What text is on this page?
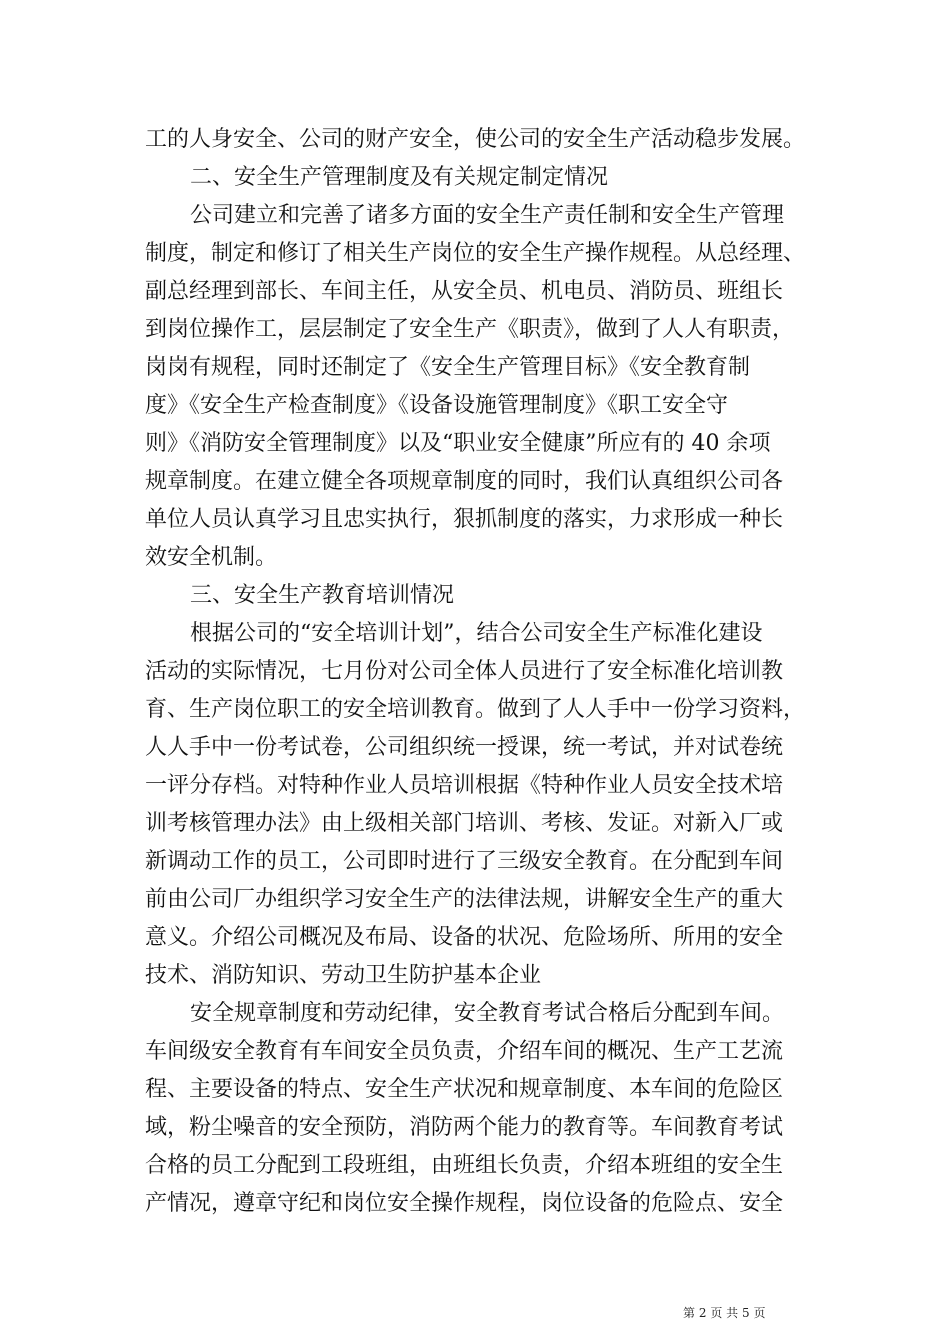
工的人身安全、公司的财产安全，使公司的安全生产活动稳步发展。
二、安全生产管理制度及有关规定制定情况
公司建立和完善了诸多方面的安全生产责任制和安全生产管理
制度，制定和修订了相关生产岗位的安全生产操作规程。从总经理、
副总经理到部长、车间主任，从安全员、机电员、消防员、班组长
到岗位操作工，层层制定了安全生产《职责》，做到了人人有职责，
岗岗有规程，同时还制定了《安全生产管理目标》《安全教育制
度》《安全生产检查制度》《设备设施管理制度》《职工安全守
则》《消防安全管理制度》以及“职业安全健康”所应有的 40 余项
规章制度。在建立健全各项规章制度的同时，我们认真组织公司各
单位人员认真学习且忠实执行，狠抓制度的落实，力求形成一种长
效安全机制。
三、安全生产教育培训情况
根据公司的“安全培训计划”，结合公司安全生产标准化建设
活动的实际情况，七月份对公司全体人员进行了安全标准化培训教
育、生产岗位职工的安全培训教育。做到了人人手中一份学习资料，
人人手中一份考试卷，公司组织统一授课，统一考试，并对试卷统
一评分存档。对特种作业人员培训根据《特种作业人员安全技术培
训考核管理办法》由上级相关部门培训、考核、发证。对新入厂或
新调动工作的员工，公司即时进行了三级安全教育。在分配到车间
前由公司厂办组织学习安全生产的法律法规，讲解安全生产的重大
意义。介绍公司概况及布局、设备的状况、危险场所、所用的安全
技术、消防知识、劳动卫生防护基本企业
安全规章制度和劳动纪律，安全教育考试合格后分配到车间。
车间级安全教育有车间安全员负责，介绍车间的概况、生产工艺流
程、主要设备的特点、安全生产状况和规章制度、本车间的危险区
域，粉尘噪音的安全预防，消防两个能力的教育等。车间教育考试
合格的员工分配到工段班组，由班组长负责，介绍本班组的安全生
产情况，遵章守纪和岗位安全操作规程，岗位设备的危险点、安全
第 2 页 共 5 页
